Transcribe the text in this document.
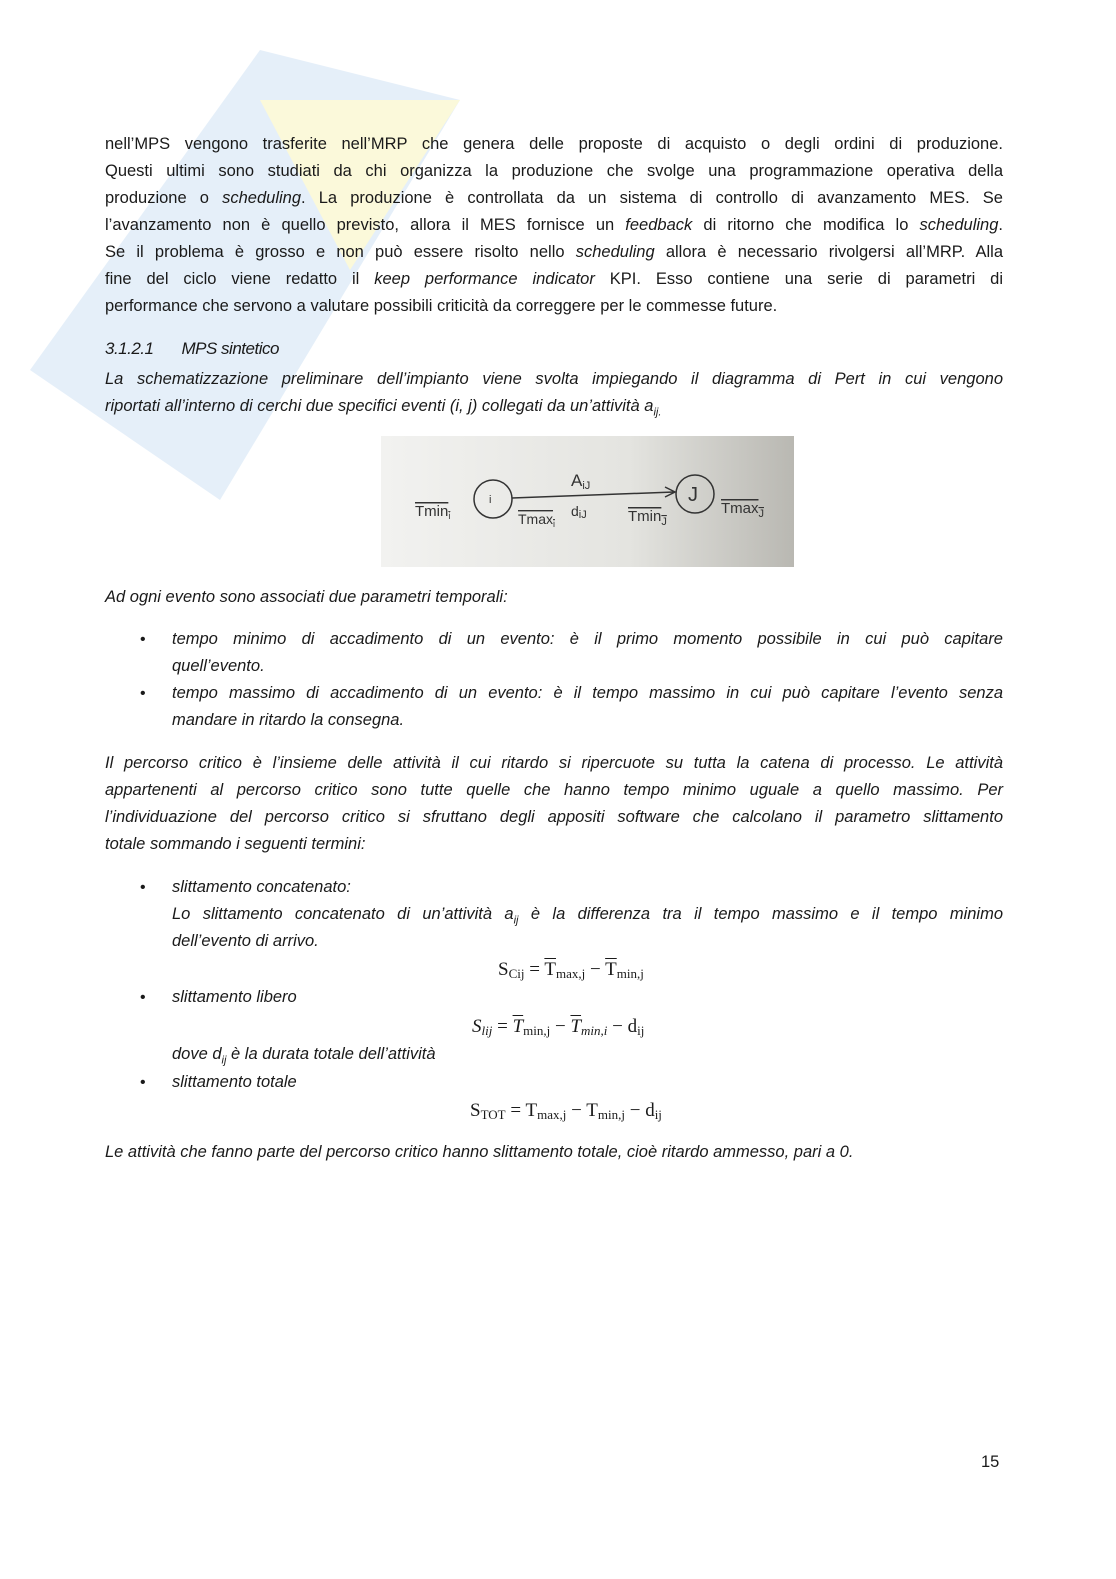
nell’MPS vengono trasferite nell’MRP che genera delle proposte di acquisto o degli ordini di produzione.
Questi ultimi sono studiati da chi organizza la produzione che svolge una programmazione operativa della
produzione o scheduling. La produzione è controllata da un sistema di controllo di avanzamento MES. Se
l’avanzamento non è quello previsto, allora il MES fornisce un feedback di ritorno che modifica lo scheduling.
Se il problema è grosso e non può essere risolto nello scheduling allora è necessario rivolgersi all’MRP. Alla
fine del ciclo viene redatto il keep performance indicator KPI. Esso contiene una serie di parametri di
performance che servono a valutare possibili criticità da correggere per le commesse future.
3.1.2.1 MPS sintetico
La schematizzazione preliminare dell’impianto viene svolta impiegando il diagramma di Pert in cui vengono
riportati all’interno di cerchi due specifici eventi (i, j) collegati da un’attività $a_{ij.}$
i	J
AiJ
diJ
Tmin$_i$	Tmax$_i$	Tmin$_J$
Tmax$_J$
Ad ogni evento sono associati due parametri temporali:
• tempo minimo di accadimento di un evento: è il primo momento possibile in cui può capitare
quell’evento.
• tempo massimo di accadimento di un evento: è il tempo massimo in cui può capitare l’evento senza
mandare in ritardo la consegna.
Il percorso critico è l’insieme delle attività il cui ritardo si ripercuote su tutta la catena di processo. Le attività
appartenenti al percorso critico sono tutte quelle che hanno tempo minimo uguale a quello massimo. Per
l’individuazione del percorso critico si sfruttano degli appositi software che calcolano il parametro slittamento
totale sommando i seguenti termini:
• slittamento concatenato:
Lo slittamento concatenato di un’attività $a_{ij}$ è la differenza tra il tempo massimo e il tempo minimo
dell’evento di arrivo.
$S_{Cij} = \overline{T}_{max,j} - \overline{T}_{min,j}$
• slittamento libero
$S_{lij} = \overline{T}_{min,j} - \overline{T}_{min,i} - d_{ij}$
dove $d_{ij}$ è la durata totale dell’attività
• slittamento totale
$S_{TOT} = T_{max,j} - T_{min,j} - d_{ij}$
Le attività che fanno parte del percorso critico hanno slittamento totale, cioè ritardo ammesso, pari a 0.
15
